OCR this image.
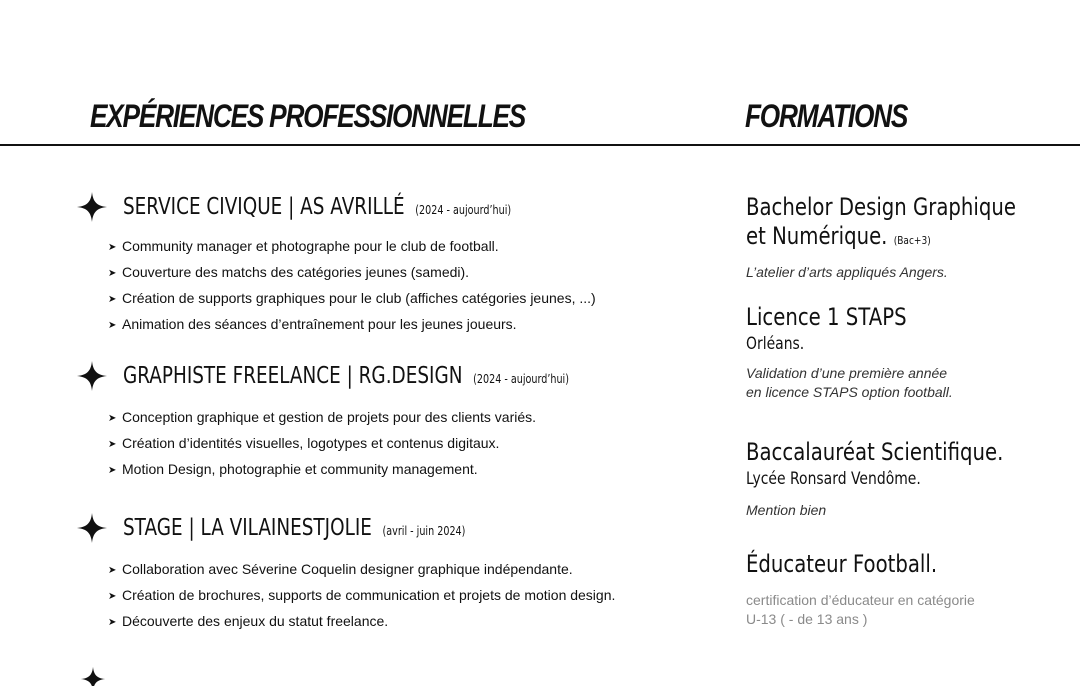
EXPÉRIENCES PROFESSIONNELLES	FORMATIONS
SERVICE CIVIQUE | AS AVRILLÉ (2024 - aujourd’hui)
➤ Community manager et photographe pour le club de football.
➤ Couverture des matchs des catégories jeunes (samedi).
➤ Création de supports graphiques pour le club (affiches catégories jeunes, ...)
➤ Animation des séances d’entraînement pour les jeunes joueurs.
GRAPHISTE FREELANCE | RG.DESIGN (2024 - aujourd’hui)
➤ Conception graphique et gestion de projets pour des clients variés.
➤ Création d’identités visuelles, logotypes et contenus digitaux.
➤ Motion Design, photographie et community management.
STAGE | LA VILAINESTJOLIE (avril - juin 2024)
➤ Collaboration avec Séverine Coquelin designer graphique indépendante.
➤ Création de brochures, supports de communication et projets de motion design.
➤ Découverte des enjeux du statut freelance.
Bachelor Design Graphique
et Numérique. (Bac+3)
L’atelier d’arts appliqués Angers.
Licence 1 STAPS
Orléans.
Validation d’une première année
en licence STAPS option football.
Baccalauréat Scientifique.
Lycée Ronsard Vendôme.
Mention bien
Éducateur Football.
certification d’éducateur en catégorie
U-13 ( - de 13 ans )
